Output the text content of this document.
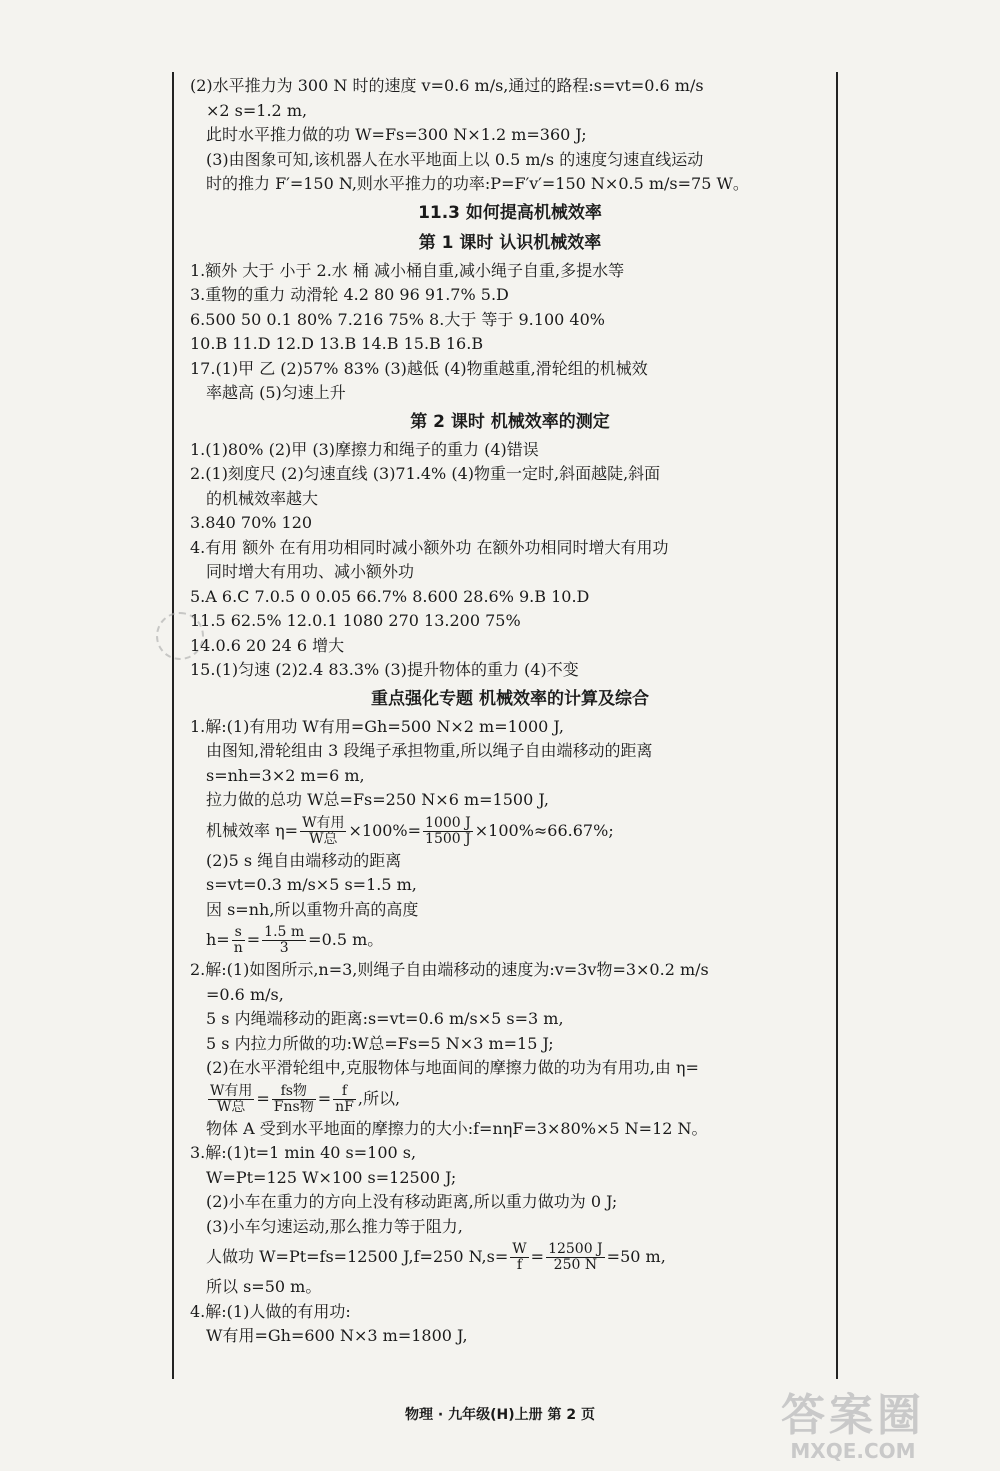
(2)水平推力为 300 N 时的速度 v=0.6 m/s,通过的路程:s=vt=0.6 m/s
×2 s=1.2 m,
此时水平推力做的功 W=Fs=300 N×1.2 m=360 J;
(3)由图象可知,该机器人在水平地面上以 0.5 m/s 的速度匀速直线运动
时的推力 F′=150 N,则水平推力的功率:P=F′v′=150 N×0.5 m/s=75 W。
11.3 如何提高机械效率
第 1 课时 认识机械效率
1.额外 大于 小于 2.水 桶 减小桶自重,减小绳子自重,多提水等
3.重物的重力 动滑轮 4.2 80 96 91.7% 5.D
6.500 50 0.1 80% 7.216 75% 8.大于 等于 9.100 40%
10.B 11.D 12.D 13.B 14.B 15.B 16.B
17.(1)甲 乙 (2)57% 83% (3)越低 (4)物重越重,滑轮组的机械效
率越高 (5)匀速上升
第 2 课时 机械效率的测定
1.(1)80% (2)甲 (3)摩擦力和绳子的重力 (4)错误
2.(1)刻度尺 (2)匀速直线 (3)71.4% (4)物重一定时,斜面越陡,斜面
的机械效率越大
3.840 70% 120
4.有用 额外 在有用功相同时减小额外功 在额外功相同时增大有用功
同时增大有用功、减小额外功
5.A 6.C 7.0.5 0 0.05 66.7% 8.600 28.6% 9.B 10.D
11.5 62.5% 12.0.1 1080 270 13.200 75%
14.0.6 20 24 6 增大
15.(1)匀速 (2)2.4 83.3% (3)提升物体的重力 (4)不变
重点强化专题 机械效率的计算及综合
1.解:(1)有用功 W有用=Gh=500 N×2 m=1000 J,
由图知,滑轮组由 3 段绳子承担物重,所以绳子自由端移动的距离
s=nh=3×2 m=6 m,
拉力做的总功 W总=Fs=250 N×6 m=1500 J,
机械效率 $\eta= \frac{\text{W有用}}{\text{W总}} \times 100\%= \frac{1000 J}{1500 J} \times 100\%\approx 66.67\%$;
(2)5 s 绳自由端移动的距离
s=vt=0.3 m/s×5 s=1.5 m,
因 s=nh,所以重物升高的高度
$h= \frac{s}{n} = \frac{1.5 m}{3} =0.5$ m。
2.解:(1)如图所示,n=3,则绳子自由端移动的速度为:v=3v物=3×0.2 m/s
=0.6 m/s,
5 s 内绳端移动的距离:s=vt=0.6 m/s×5 s=3 m,
5 s 内拉力所做的功:W总=Fs=5 N×3 m=15 J;
(2)在水平滑轮组中,克服物体与地面间的摩擦力做的功为有用功,由 η=
$\frac{\text{W有用}}{\text{W总}} = \frac{\text{fs物}}{\text{Fns物}} = \frac{f}{nF}$ ,所以,
物体 A 受到水平地面的摩擦力的大小:f=nηF=3×80%×5 N=12 N。
3.解:(1)t=1 min 40 s=100 s,
W=Pt=125 W×100 s=12500 J;
(2)小车在重力的方向上没有移动距离,所以重力做功为 0 J;
(3)小车匀速运动,那么推力等于阻力,
人做功 W=Pt=fs=12500 J,f=250 $N,s= \frac{W}{f} = \frac{12500 J}{250 N} =50$ m,
所以 s=50 m。
4.解:(1)人做的有用功:
W有用=Gh=600 N×3 m=1800 J,
物理 · 九年级(H)上册 第 2 页	答案圈
MXQE.COM
